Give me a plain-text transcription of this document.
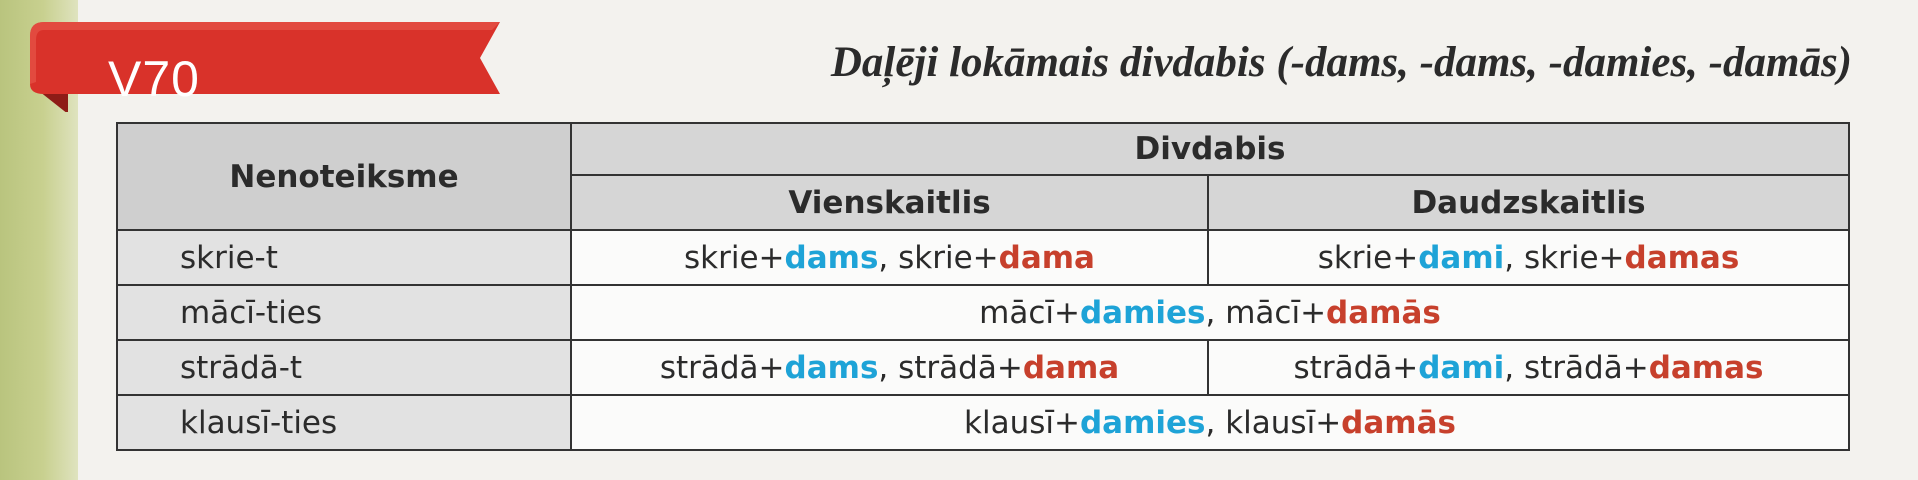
V70	Daļēji lokāmais divdabis (-dams, -dams, -damies, -damās)
Nenoteiksme	Divdabis	
	Vienskaitlis	Daudzskaitlis
skrie-t	skrie+dams, skrie+dama	skrie+dami, skrie+damas
mācī-ties	mācī+damies, mācī+damās	
strādā-t	strādā+dams, strādā+dama	strādā+dami, strādā+damas
klausī-ties	klausī+damies, klausī+damās	
